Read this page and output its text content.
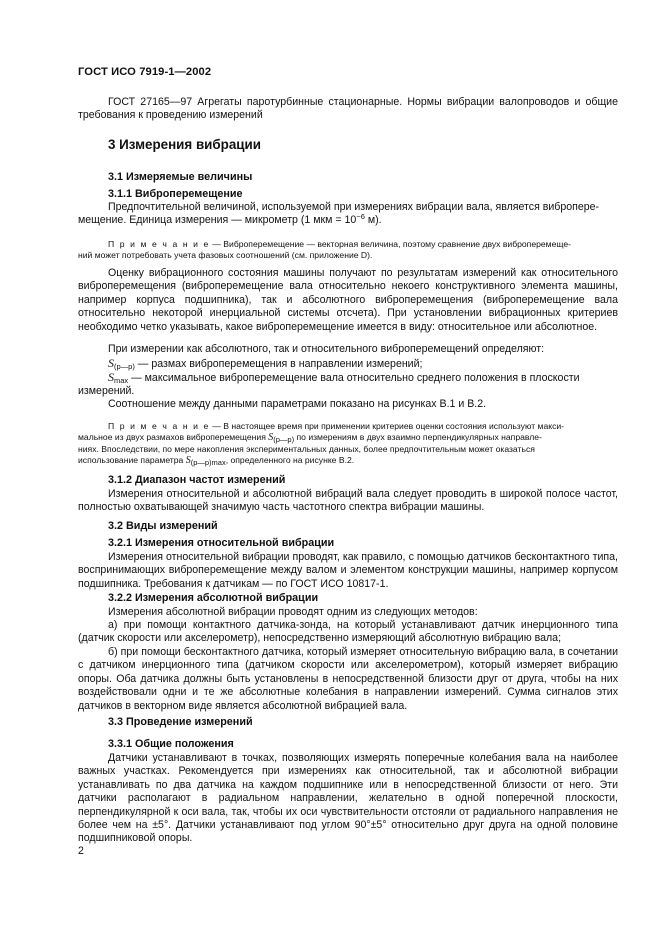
ГОСТ ИСО 7919-1—2002
ГОСТ 27165—97 Агрегаты паротурбинные стационарные. Нормы вибрации валопроводов и общие требования к проведению измерений
3 Измерения вибрации
3.1 Измеряемые величины
3.1.1 Виброперемещение
Предпочтительной величиной, используемой при измерениях вибрации вала, является вибропере-
мещение. Единица измерения — микрометр (1 мкм = $10^{-6}$ м).
П р и м е ч а н и е — Виброперемещение — векторная величина, поэтому сравнение двух виброперемеще-
ний может потребовать учета фазовых соотношений (см. приложение D).
Оценку вибрационного состояния машины получают по результатам измерений как относительного виброперемещения (виброперемещение вала относительно некоего конструктивного элемента машины, например корпуса подшипника), так и абсолютного виброперемещения (виброперемещение вала относительно некоторой инерциальной системы отсчета). При установлении вибрационных критериев необходимо четко указывать, какое виброперемещение имеется в виду: относительное или абсолютное.
При измерении как абсолютного, так и относительного виброперемещений определяют:
$S_{(p—p)}$ — размах виброперемещения в направлении измерений;
$S_{max}$ — максимальное виброперемещение вала относительно среднего положения в плоскости
измерений.
Соотношение между данными параметрами показано на рисунках В.1 и В.2.
П р и м е ч а н и е — В настоящее время при применении критериев оценки состояния используют макси-
мальное из двух размахов виброперемещения $S_{(p—p)}$ по измерениям в двух взаимно перпендикулярных направле-
ниях. Впоследствии, по мере накопления экспериментальных данных, более предпочтительным может оказаться
использование параметра $S_{(p—p)max}$, определенного на рисунке В.2.
3.1.2 Диапазон частот измерений
Измерения относительной и абсолютной вибраций вала следует проводить в широкой полосе частот, полностью охватывающей значимую часть частотного спектра вибрации машины.
3.2 Виды измерений
3.2.1 Измерения относительной вибрации
Измерения относительной вибрации проводят, как правило, с помощью датчиков бесконтактного типа, воспринимающих виброперемещение между валом и элементом конструкции машины, например корпусом подшипника. Требования к датчикам — по ГОСТ ИСО 10817-1.
3.2.2 Измерения абсолютной вибрации
Измерения абсолютной вибрации проводят одним из следующих методов:
а) при помощи контактного датчика-зонда, на который устанавливают датчик инерционного типа (датчик скорости или акселерометр), непосредственно измеряющий абсолютную вибрацию вала;
б) при помощи бесконтактного датчика, который измеряет относительную вибрацию вала, в сочетании с датчиком инерционного типа (датчиком скорости или акселерометром), который измеряет вибрацию опоры. Оба датчика должны быть установлены в непосредственной близости друг от друга, чтобы на них воздействовали одни и те же абсолютные колебания в направлении измерений. Сумма сигналов этих датчиков в векторном виде является абсолютной вибрацией вала.
3.3 Проведение измерений
3.3.1 Общие положения
Датчики устанавливают в точках, позволяющих измерять поперечные колебания вала на наиболее важных участках. Рекомендуется при измерениях как относительной, так и абсолютной вибрации устанавливать по два датчика на каждом подшипнике или в непосредственной близости от него. Эти датчики располагают в радиальном направлении, желательно в одной поперечной плоскости, перпендикулярной к оси вала, так, чтобы их оси чувствительности отстояли от радиального направления не более чем на ±5°. Датчики устанавливают под углом 90°±5° относительно друг друга на одной половине подшипниковой опоры.
2
